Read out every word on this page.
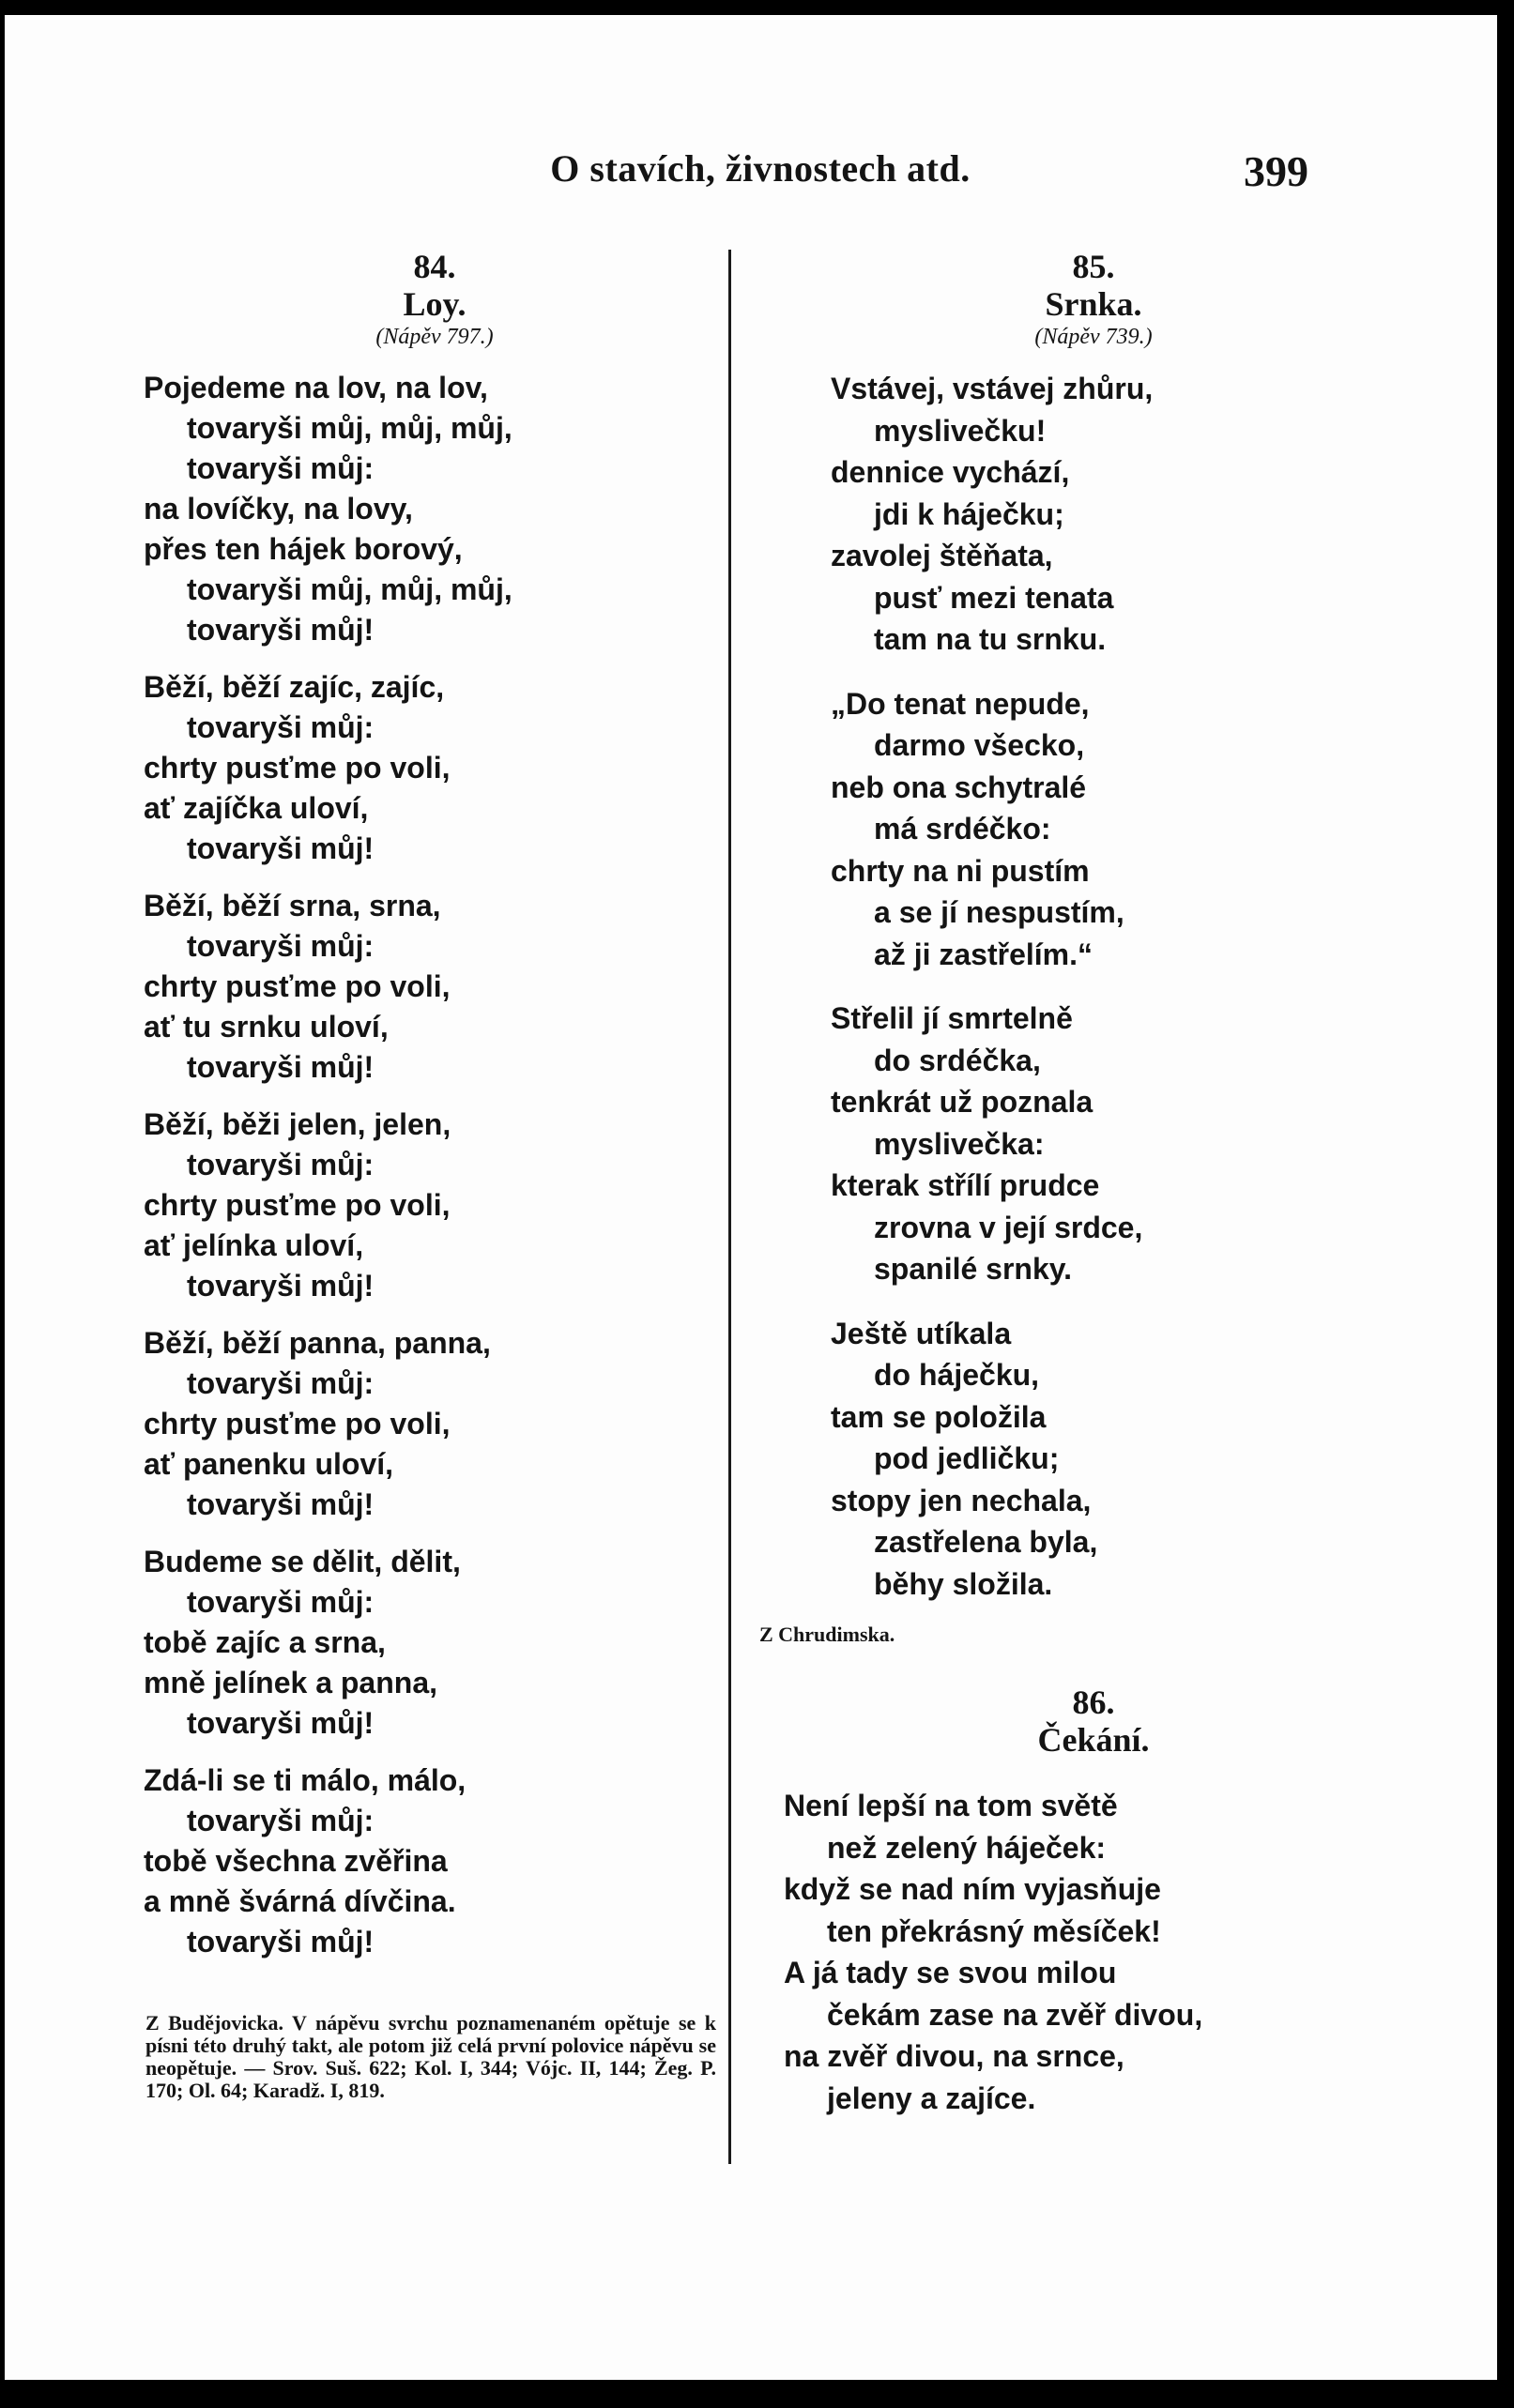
O stavích, živnostech atd.	399
84.
Loy.
(Nápěv 797.)
Pojedeme na lov, na lov,
tovaryši můj, můj, můj,
tovaryši můj:
na lovíčky, na lovy,
přes ten hájek borový,
tovaryši můj, můj, můj,
tovaryši můj!
Běží, běží zajíc, zajíc,
tovaryši můj:
chrty pusťme po voli,
ať zajíčka uloví,
tovaryši můj!
Běží, běží srna, srna,
tovaryši můj:
chrty pusťme po voli,
ať tu srnku uloví,
tovaryši můj!
Běží, běži jelen, jelen,
tovaryši můj:
chrty pusťme po voli,
ať jelínka uloví,
tovaryši můj!
Běží, běží panna, panna,
tovaryši můj:
chrty pusťme po voli,
ať panenku uloví,
tovaryši můj!
Budeme se dělit, dělit,
tovaryši můj:
tobě zajíc a srna,
mně jelínek a panna,
tovaryši můj!
Zdá-li se ti málo, málo,
tovaryši můj:
tobě všechna zvěřina
a mně švárná dívčina.
tovaryši můj!
Z Budějovicka. V nápěvu svrchu poznamenaném opětuje se k písni této druhý takt, ale potom již celá první polovice nápěvu se neopětuje. — Srov. Suš. 622; Kol. I, 344; Vójc. II, 144; Žeg. P. 170; Ol. 64; Karadž. I, 819.
85.
Srnka.
(Nápěv 739.)
Vstávej, vstávej zhůru,
myslivečku!
dennice vychází,
jdi k háječku;
zavolej štěňata,
pusť mezi tenata
tam na tu srnku.
„Do tenat nepude,
darmo všecko,
neb ona schytralé
má srdéčko:
chrty na ni pustím
a se jí nespustím,
až ji zastřelím.“
Střelil jí smrtelně
do srdéčka,
tenkrát už poznala
myslivečka:
kterak střílí prudce
zrovna v její srdce,
spanilé srnky.
Ještě utíkala
do háječku,
tam se položila
pod jedličku;
stopy jen nechala,
zastřelena byla,
běhy složila.
Z Chrudimska.
86.
Čekání.
Není lepší na tom světě
než zelený háječek:
když se nad ním vyjasňuje
ten překrásný měsíček!
A já tady se svou milou
čekám zase na zvěř divou,
na zvěř divou, na srnce,
jeleny a zajíce.
